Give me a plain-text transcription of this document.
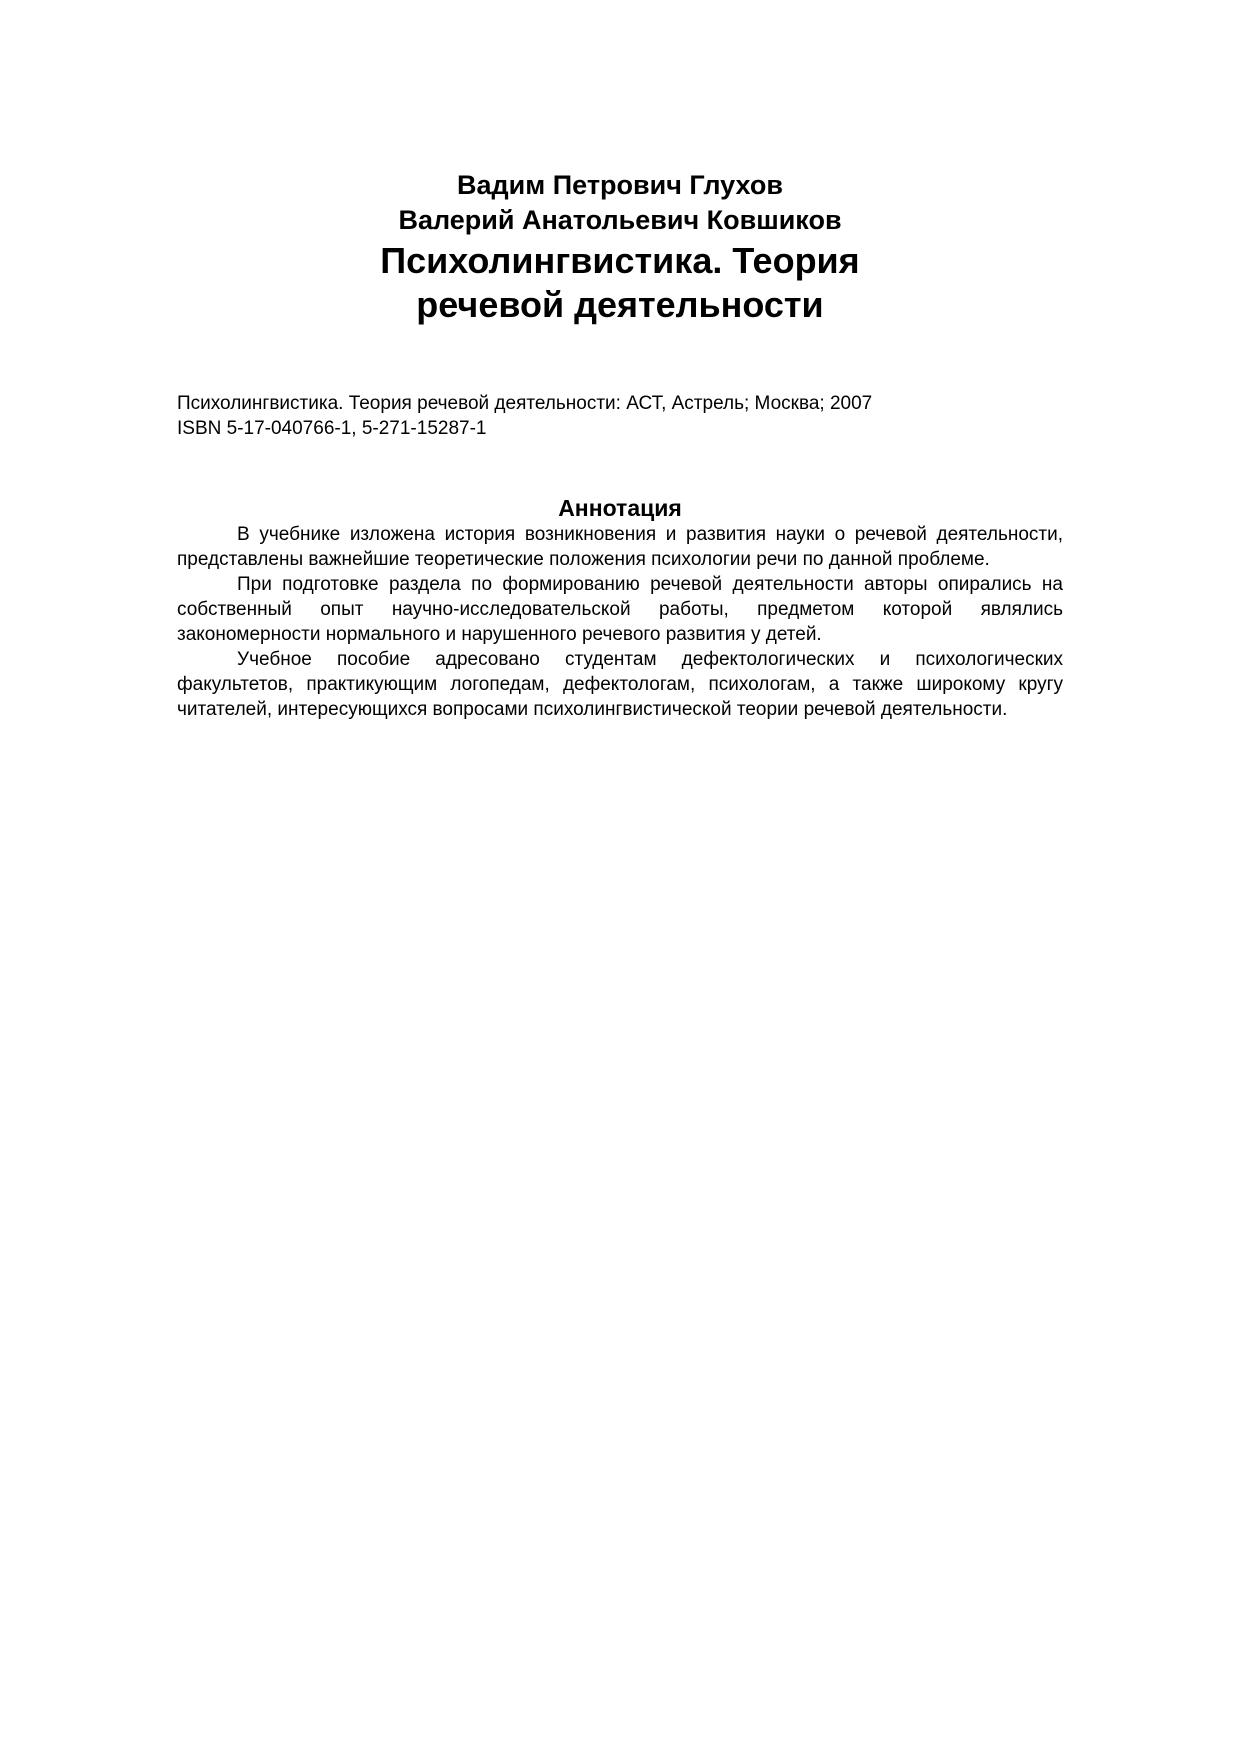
Вадим Петрович Глухов
Валерий Анатольевич Ковшиков
Психолингвистика. Теория
речевой деятельности
Психолингвистика. Теория речевой деятельности: АСТ, Астрель; Москва; 2007
ISBN 5-17-040766-1, 5-271-15287-1
Аннотация

В учебнике изложена история возникновения и развития науки о речевой деятельности, представлены важнейшие теоретические положения психологии речи по данной проблеме.

При подготовке раздела по формированию речевой деятельности авторы опирались на собственный опыт научно-исследовательской работы, предметом которой являлись закономерности нормального и нарушенного речевого развития у детей.

Учебное пособие адресовано студентам дефектологических и психологических факультетов, практикующим логопедам, дефектологам, психологам, а также широкому кругу читателей, интересующихся вопросами психолингвистической теории речевой деятельности.
